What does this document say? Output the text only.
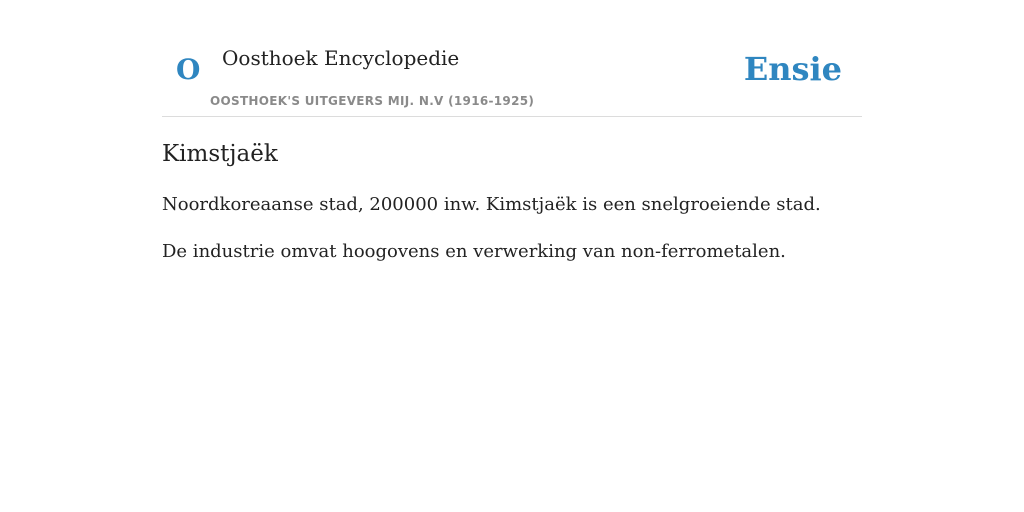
O Oosthoek Encyclopedie
OOSTHOEK'S UITGEVERS MIJ. N.V (1916-1925)
Ensie
Kimstjaëk

Noordkoreaanse stad, 200000 inw. Kimstjaëk is een snelgroeiende stad.

De industrie omvat hoogovens en verwerking van non-ferrometalen.
